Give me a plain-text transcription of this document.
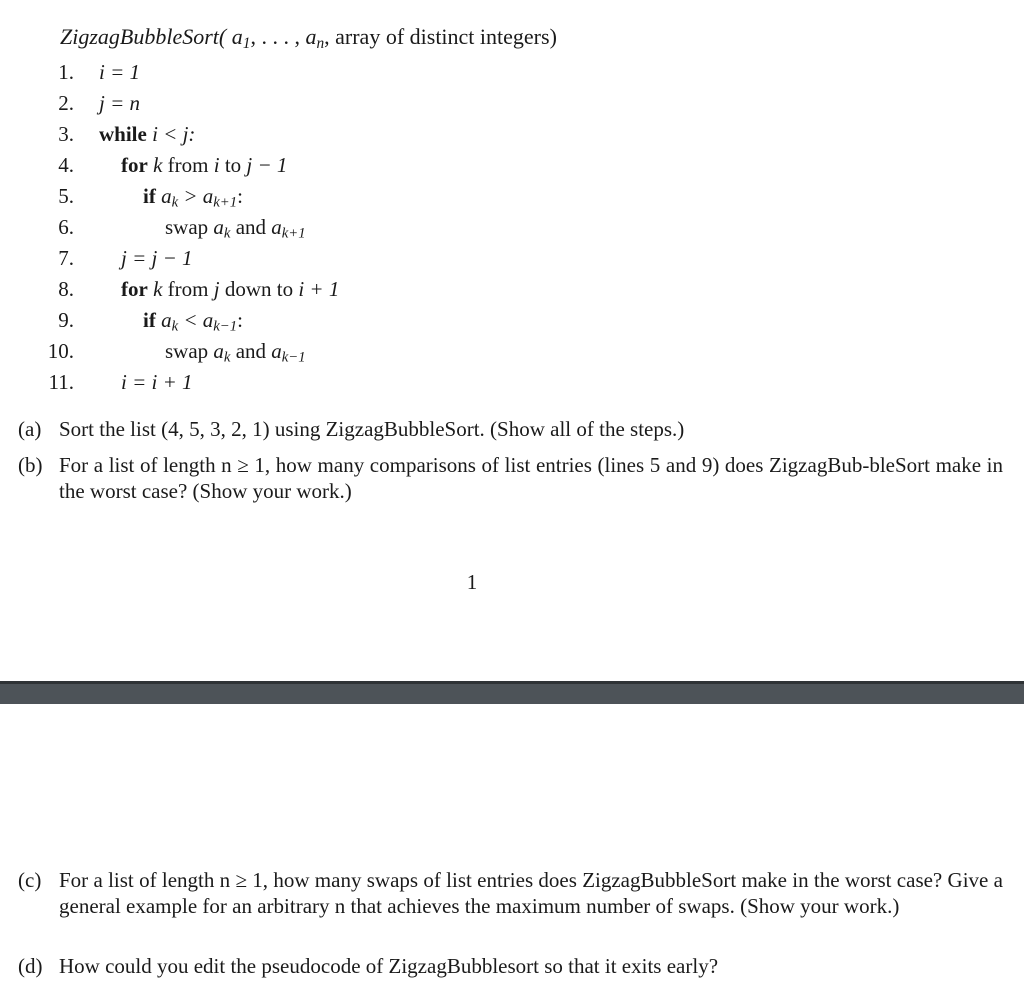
ZigzagBubbleSort( $a_1$, . . . , $a_n$, array of distinct integers)
1. i = 1
2. j = n
3. while i < j:
4. for k from i to j − 1
5.	if $a_k > a_{k+1}$:
6.	swap $a_k$ and $a_{k+1}$
7. j = j − 1
8. for k from j down to i + 1
9.	if $a_k < a_{k-1}$:
10.	swap $a_k$ and $a_{k-1}$
11. i = i + 1
(a) Sort the list (4, 5, 3, 2, 1) using ZigzagBubbleSort. (Show all of the steps.)
(b) For a list of length n ≥ 1, how many comparisons of list entries (lines 5 and 9) does ZigzagBub-bleSort make in the worst case? (Show your work.)
1
(c) For a list of length n ≥ 1, how many swaps of list entries does ZigzagBubbleSort make in the worst case? Give a general example for an arbitrary n that achieves the maximum number of swaps. (Show your work.)
(d) How could you edit the pseudocode of ZigzagBubblesort so that it exits early?
